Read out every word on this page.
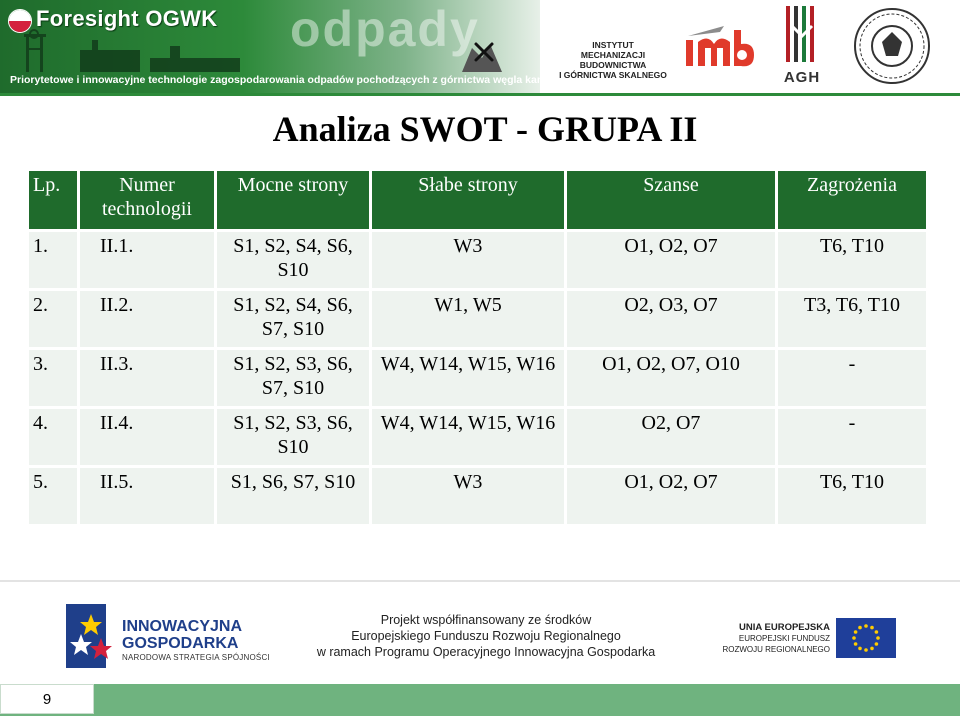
Foresight OGWK odpady
Priorytetowe i innowacyjne technologie zagospodarowania odpadów pochodzących z górnictwa węgla kamiennego
INSTYTUT
MECHANIZACJI BUDOWNICTWA
I GÓRNICTWA SKALNEGO	AGH
Analiza SWOT - GRUPA II
Lp.	Numer technologii	Mocne strony	Słabe strony	Szanse	Zagrożenia
1.	II.1.	S1, S2, S4, S6, S10	W3	O1, O2, O7	T6, T10
2.	II.2.	S1, S2, S4, S6, S7, S10	W1, W5	O2, O3, O7	T3, T6, T10
3.	II.3.	S1, S2, S3, S6, S7, S10	W4, W14, W15, W16	O1, O2, O7, O10	-
4.	II.4.	S1, S2, S3, S6, S10	W4, W14, W15, W16	O2, O7	-
5.	II.5.	S1, S6, S7, S10	W3	O1, O2, O7	T6, T10
INNOWACYJNA
GOSPODARKA
NARODOWA STRATEGIA SPÓJNOŚCI
Projekt współfinansowany ze środków
Europejskiego Funduszu Rozwoju Regionalnego
w ramach Programu Operacyjnego Innowacyjna Gospodarka
UNIA EUROPEJSKA
EUROPEJSKI FUNDUSZ
ROZWOJU REGIONALNEGO
9
